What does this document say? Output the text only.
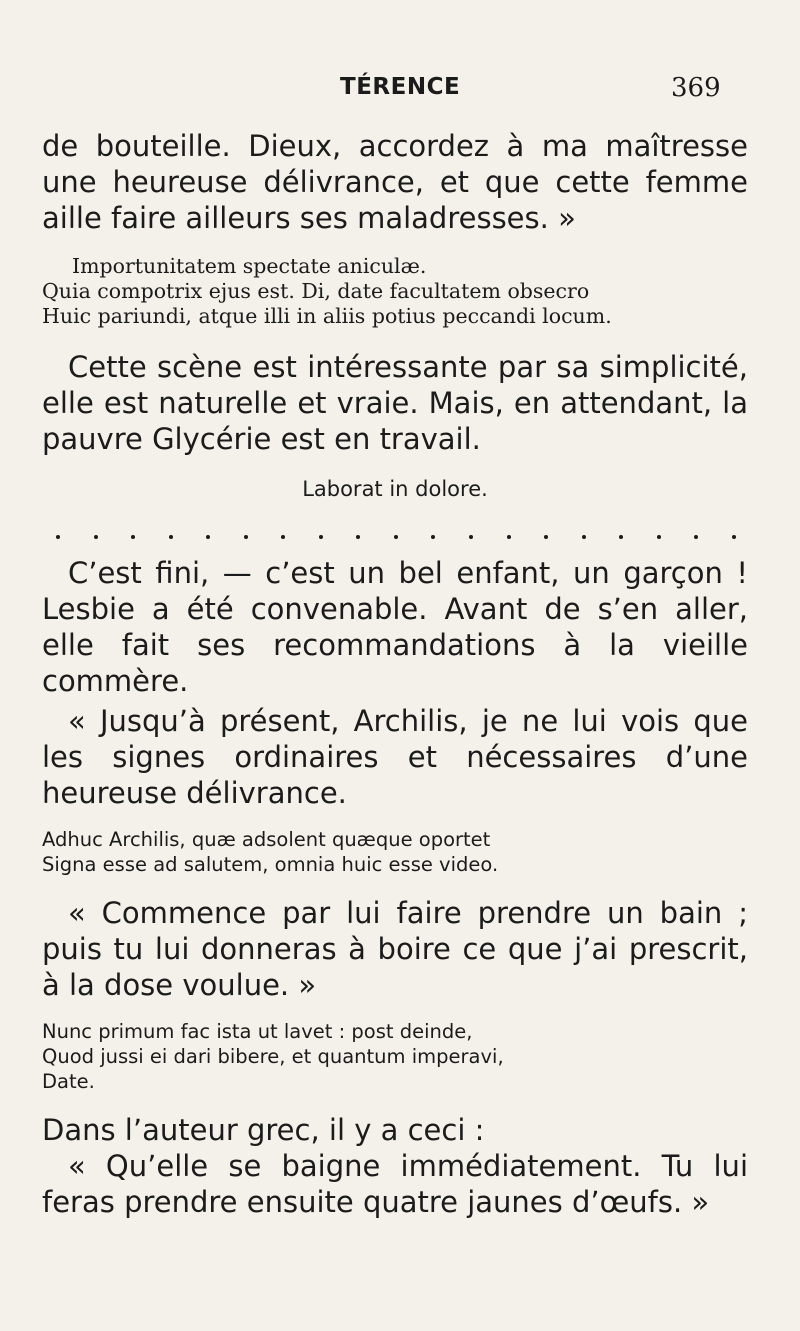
TÉRENCE	369

de bouteille. Dieux, accordez à ma maîtresse une heureuse délivrance, et que cette femme aille faire ailleurs ses maladresses. »

Importunitatem spectate aniculæ.
Quia compotrix ejus est. Di, date facultatem obsecro
Huic pariundi, atque illi in aliis potius peccandi locum.

Cette scène est intéressante par sa simplicité, elle est naturelle et vraie. Mais, en attendant, la pauvre Glycérie est en travail.

Laborat in dolore.

C’est fini, — c’est un bel enfant, un garçon ! Lesbie a été convenable. Avant de s’en aller, elle fait ses recommandations à la vieille commère.

« Jusqu’à présent, Archilis, je ne lui vois que les signes ordinaires et nécessaires d’une heureuse délivrance.

Adhuc Archilis, quæ adsolent quæque oportet
Signa esse ad salutem, omnia huic esse video.

« Commence par lui faire prendre un bain ; puis tu lui donneras à boire ce que j’ai prescrit, à la dose voulue. »

Nunc primum fac ista ut lavet : post deinde,
Quod jussi ei dari bibere, et quantum imperavi,
Date.

Dans l’auteur grec, il y a ceci :

« Qu’elle se baigne immédiatement. Tu lui feras prendre ensuite quatre jaunes d’œufs. »
